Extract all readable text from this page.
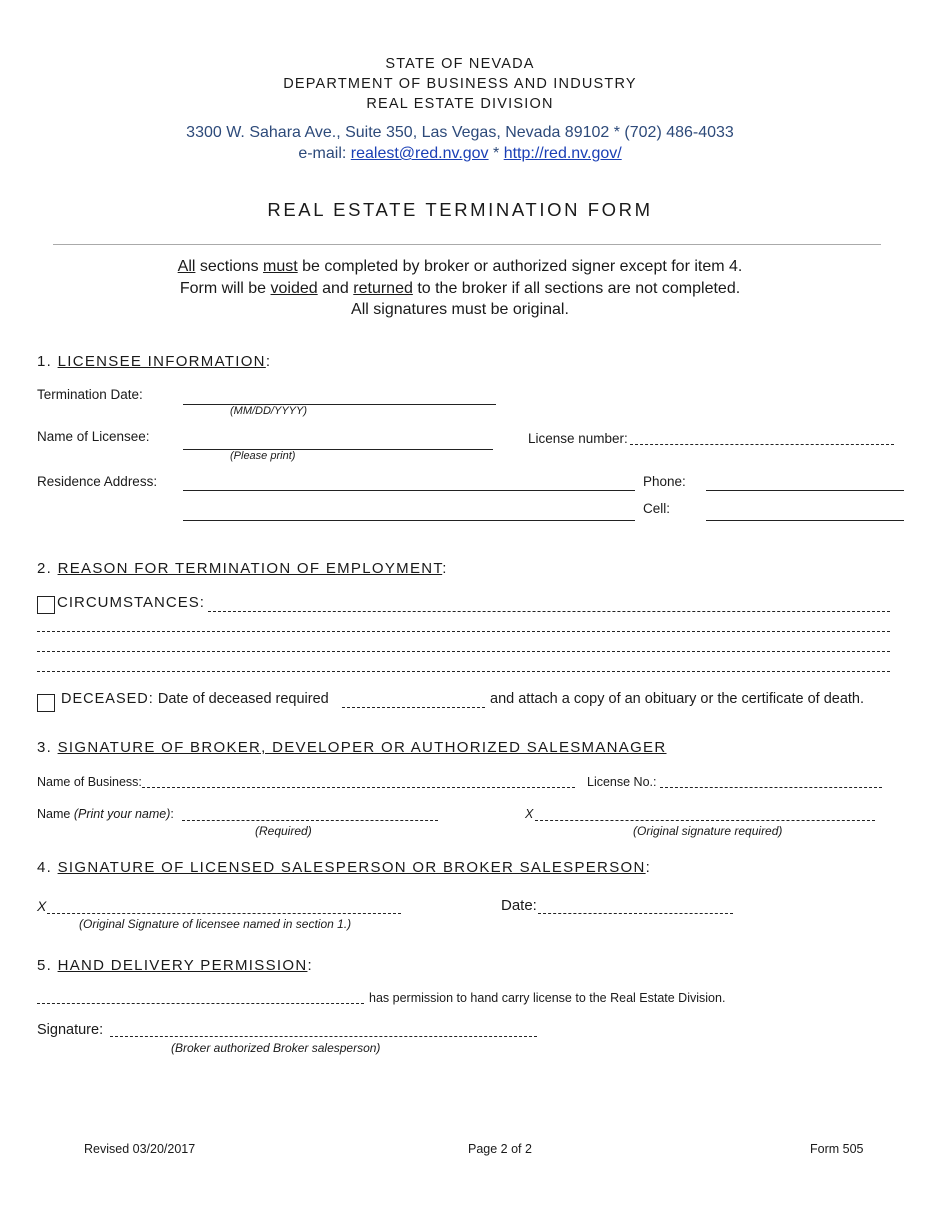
STATE OF NEVADA
DEPARTMENT OF BUSINESS AND INDUSTRY
REAL ESTATE DIVISION
3300 W. Sahara Ave., Suite 350, Las Vegas, Nevada 89102 * (702) 486-4033
e-mail: realest@red.nv.gov * http://red.nv.gov/
REAL ESTATE TERMINATION FORM
All sections must be completed by broker or authorized signer except for item 4.
Form will be voided and returned to the broker if all sections are not completed.
All signatures must be original.
1. LICENSEE INFORMATION:
Termination Date:
(MM/DD/YYYY)
Name of Licensee:
(Please print)
License number:
Residence Address:	Phone:
Cell:
2. REASON FOR TERMINATION OF EMPLOYMENT:
CIRCUMSTANCES:
DECEASED: Date of deceased required	and attach a copy of an obituary or the certificate of death.
3. SIGNATURE OF BROKER, DEVELOPER OR AUTHORIZED SALESMANAGER
Name of Business:	License No.:
Name (Print your name):
(Required)
X
(Original signature required)
4. SIGNATURE OF LICENSED SALESPERSON OR BROKER SALESPERSON:
X
(Original Signature of licensee named in section 1.)
Date:
5. HAND DELIVERY PERMISSION:
has permission to hand carry license to the Real Estate Division.
Signature:
(Broker authorized Broker salesperson)
Revised 03/20/2017	Page 2 of 2	Form 505
